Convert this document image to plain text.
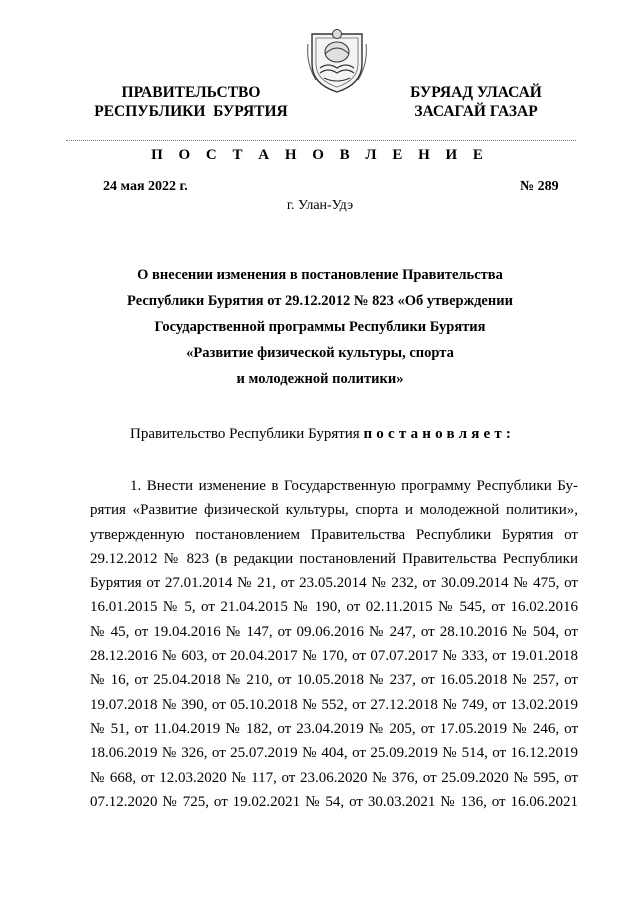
ПРАВИТЕЛЬСТВО
РЕСПУБЛИКИ  БУРЯТИЯ
БУРЯАД УЛАСАЙ
ЗАСАГАЙ ГАЗАР
П О С Т А Н О В Л Е Н И Е
24 мая 2022 г.	№ 289
г. Улан-Удэ
О внесении изменения в постановление Правительства
Республики Бурятия от 29.12.2012 № 823 «Об утверждении
Государственной программы Республики Бурятия
«Развитие физической культуры, спорта
и молодежной политики»
Правительство Республики Бурятия постановляет:
1. Внести изменение в Государственную программу Республики Бу-
рятия «Развитие физической культуры, спорта и молодежной политики»,
утвержденную постановлением Правительства Республики Бурятия от
29.12.2012 № 823 (в редакции постановлений Правительства Республики
Бурятия от 27.01.2014 № 21, от 23.05.2014 № 232, от 30.09.2014 № 475, от
16.01.2015 № 5, от 21.04.2015 № 190, от 02.11.2015 № 545, от 16.02.2016
№ 45, от 19.04.2016 № 147, от 09.06.2016 № 247, от 28.10.2016 № 504, от
28.12.2016 № 603, от 20.04.2017 № 170, от 07.07.2017 № 333, от 19.01.2018
№ 16, от 25.04.2018 № 210, от 10.05.2018 № 237, от 16.05.2018 № 257, от
19.07.2018 № 390, от 05.10.2018 № 552, от 27.12.2018 № 749, от 13.02.2019
№ 51, от 11.04.2019 № 182, от 23.04.2019 № 205, от 17.05.2019 № 246, от
18.06.2019 № 326, от 25.07.2019 № 404, от 25.09.2019 № 514, от 16.12.2019
№ 668, от 12.03.2020 № 117, от 23.06.2020 № 376, от 25.09.2020 № 595, от
07.12.2020 № 725, от 19.02.2021 № 54, от 30.03.2021 № 136, от 16.06.2021
